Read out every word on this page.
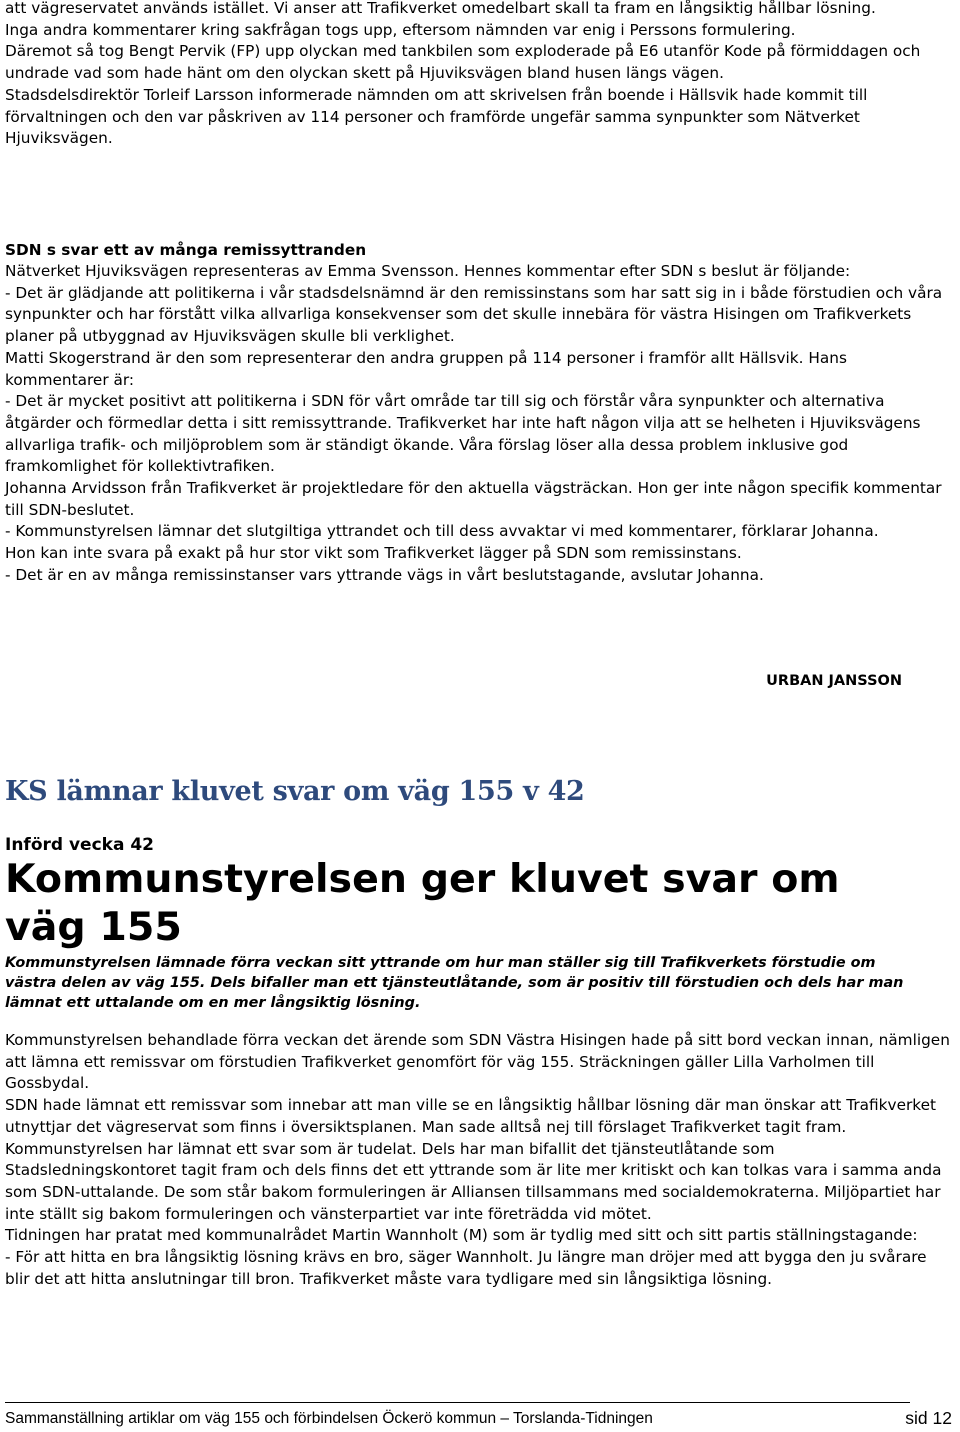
att vägreservatet används istället. Vi anser att Trafikverket omedelbart skall ta fram en långsiktig hållbar lösning.

Inga andra kommentarer kring sakfrågan togs upp, eftersom nämnden var enig i Perssons formulering.

Däremot så tog Bengt Pervik (FP) upp olyckan med tankbilen som exploderade på E6 utanför Kode på förmiddagen och undrade vad som hade hänt om den olyckan skett på Hjuviksvägen bland husen längs vägen.

Stadsdelsdirektör Torleif Larsson informerade nämnden om att skrivelsen från boende i Hällsvik hade kommit till förvaltningen och den var påskriven av 114 personer och framförde ungefär samma synpunkter som Nätverket Hjuviksvägen.

SDN s svar ett av många remissyttranden

Nätverket Hjuviksvägen representeras av Emma Svensson. Hennes kommentar efter SDN s beslut är följande:

- Det är glädjande att politikerna i vår stadsdelsnämnd är den remissinstans som har satt sig in i både förstudien och våra synpunkter och har förstått vilka allvarliga konsekvenser som det skulle innebära för västra Hisingen om Trafikverkets planer på utbyggnad av Hjuviksvägen skulle bli verklighet.

Matti Skogerstrand är den som representerar den andra gruppen på 114 personer i framför allt Hällsvik. Hans kommentarer är:

- Det är mycket positivt att politikerna i SDN för vårt område tar till sig och förstår våra synpunkter och alternativa åtgärder och förmedlar detta i sitt remissyttrande. Trafikverket har inte haft någon vilja att se helheten i Hjuviksvägens allvarliga trafik- och miljöproblem som är ständigt ökande. Våra förslag löser alla dessa problem inklusive god framkomlighet för kollektivtrafiken.

Johanna Arvidsson från Trafikverket är projektledare för den aktuella vägsträckan. Hon ger inte någon specifik kommentar till SDN-beslutet.

- Kommunstyrelsen lämnar det slutgiltiga yttrandet och till dess avvaktar vi med kommentarer, förklarar Johanna.

Hon kan inte svara på exakt på hur stor vikt som Trafikverket lägger på SDN som remissinstans.

- Det är en av många remissinstanser vars yttrande vägs in vårt beslutstagande, avslutar Johanna.

URBAN JANSSON
KS lämnar kluvet svar om väg 155 v 42
Införd vecka 42
Kommunstyrelsen ger kluvet svar om väg 155
Kommunstyrelsen lämnade förra veckan sitt yttrande om hur man ställer sig till Trafikverkets förstudie om västra delen av väg 155. Dels bifaller man ett tjänsteutlåtande, som är positiv till förstudien och dels har man lämnat ett uttalande om en mer långsiktig lösning.

Kommunstyrelsen behandlade förra veckan det ärende som SDN Västra Hisingen hade på sitt bord veckan innan, nämligen att lämna ett remissvar om förstudien Trafikverket genomfört för väg 155. Sträckningen gäller Lilla Varholmen till Gossbydal.

SDN hade lämnat ett remissvar som innebar att man ville se en långsiktig hållbar lösning där man önskar att Trafikverket utnyttjar det vägreservat som finns i översiktsplanen. Man sade alltså nej till förslaget Trafikverket tagit fram.

Kommunstyrelsen har lämnat ett svar som är tudelat. Dels har man bifallit det tjänsteutlåtande som Stadsledningskontoret tagit fram och dels finns det ett yttrande som är lite mer kritiskt och kan tolkas vara i samma anda som SDN-uttalande. De som står bakom formuleringen är Alliansen tillsammans med socialdemokraterna. Miljöpartiet har inte ställt sig bakom formuleringen och vänsterpartiet var inte företrädda vid mötet.

Tidningen har pratat med kommunalrådet Martin Wannholt (M) som är tydlig med sitt och sitt partis ställningstagande:

- För att hitta en bra långsiktig lösning krävs en bro, säger Wannholt. Ju längre man dröjer med att bygga den ju svårare blir det att hitta anslutningar till bron. Trafikverket måste vara tydligare med sin långsiktiga lösning.

Sammanställning artiklar om väg 155 och förbindelsen Öckerö kommun – Torslanda-Tidningen	sid 12
